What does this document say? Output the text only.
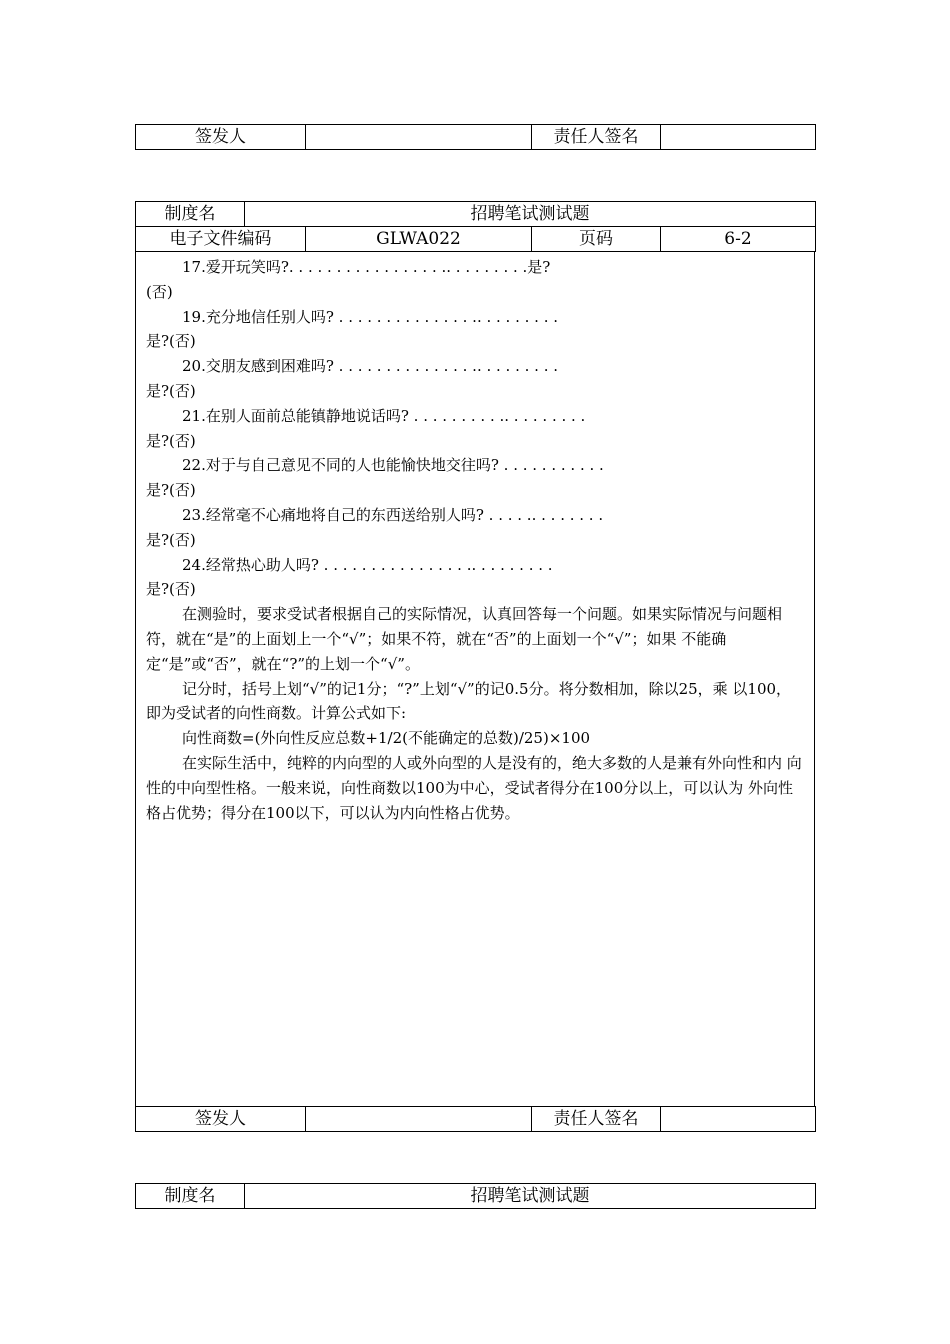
签发人		责任人签名	
制度名	招聘笔试测试题			
电子文件编码		GLWA022	页码	6-2
17.爱开玩笑吗?. . . . . . . . . . . . . . . . .. . . . . . . . .是?
(否)
19.充分地信任别人吗? . . . . . . . . . . . . . . .. . . . . . . . .
是?(否)
20.交朋友感到困难吗? . . . . . . . . . . . . . . .. . . . . . . . .
是?(否)
21.在别人面前总能镇静地说话吗? . . . . . . . . . .. . . . . . . . .
是?(否)
22.对于与自己意见不同的人也能愉快地交往吗? . . . . . . . . . . .
是?(否)
23.经常毫不心痛地将自己的东西送给别人吗? . . . . .. . . . . . . .
是?(否)
24.经常热心助人吗? . . . . . . . . . . . . . . . .. . . . . . . . .
是?(否)

在测验时，要求受试者根据自己的实际情况，认真回答每一个问题。如果实际情况与问题相 符，就在“是”的上面划上一个“√”；如果不符，就在“否”的上面划一个“√”；如果 不能确定“是”或“否”，就在“?”的上划一个“√”。

记分时，括号上划“√”的记1分；“?”上划“√”的记0.5分。将分数相加，除以25，乘 以100，即为受试者的向性商数。计算公式如下:

向性商数=(外向性反应总数+1/2(不能确定的总数)/25)×100

在实际生活中，纯粹的内向型的人或外向型的人是没有的，绝大多数的人是兼有外向性和内 向性的中向型性格。一般来说，向性商数以100为中心，受试者得分在100分以上，可以认为 外向性格占优势；得分在100以下，可以认为内向性格占优势。

签发人		责任人签名	
制度名	招聘笔试测试题
